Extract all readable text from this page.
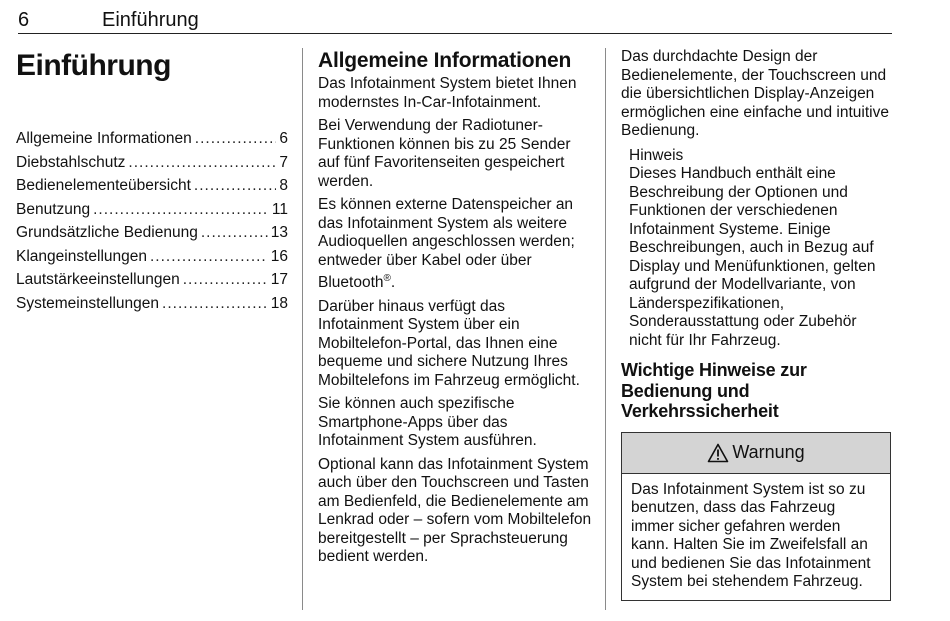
6	Einführung
Einführung
Allgemeine Informationen .....	6
Diebstahlschutz .....	7
Bedienelementeübersicht .....	8
Benutzung .....	11
Grundsätzliche Bedienung .....	13
Klangeinstellungen .....	16
Lautstärkeeinstellungen .....	17
Systemeinstellungen .....	18
Allgemeine Informationen

Das Infotainment System bietet Ihnen modernstes In-Car-Infotainment.

Bei Verwendung der Radiotuner-Funktionen können bis zu 25 Sender auf fünf Favoritenseiten gespeichert werden.

Es können externe Datenspeicher an das Infotainment System als weitere Audioquellen angeschlossen werden; entweder über Kabel oder über Bluetooth®.

Darüber hinaus verfügt das Infotainment System über ein Mobiltelefon-Portal, das Ihnen eine bequeme und sichere Nutzung Ihres Mobiltelefons im Fahrzeug ermöglicht.

Sie können auch spezifische Smartphone-Apps über das Infotainment System ausführen.

Optional kann das Infotainment System auch über den Touchscreen und Tasten am Bedienfeld, die Bedienelemente am Lenkrad oder – sofern vom Mobiltelefon bereitgestellt – per Sprachsteuerung bedient werden.

Das durchdachte Design der Bedienelemente, der Touchscreen und die übersichtlichen Display-Anzeigen ermöglichen eine einfache und intuitive Bedienung.

Hinweis
Dieses Handbuch enthält eine Beschreibung der Optionen und Funktionen der verschiedenen Infotainment Systeme. Einige Beschreibungen, auch in Bezug auf Display und Menüfunktionen, gelten aufgrund der Modellvariante, von Länderspezifikationen, Sonderausstattung oder Zubehör nicht für Ihr Fahrzeug.
Wichtige Hinweise zur Bedienung und Verkehrssicherheit
Warnung
Das Infotainment System ist so zu benutzen, dass das Fahrzeug immer sicher gefahren werden kann. Halten Sie im Zweifelsfall an und bedienen Sie das Infotainment System bei stehendem Fahrzeug.
